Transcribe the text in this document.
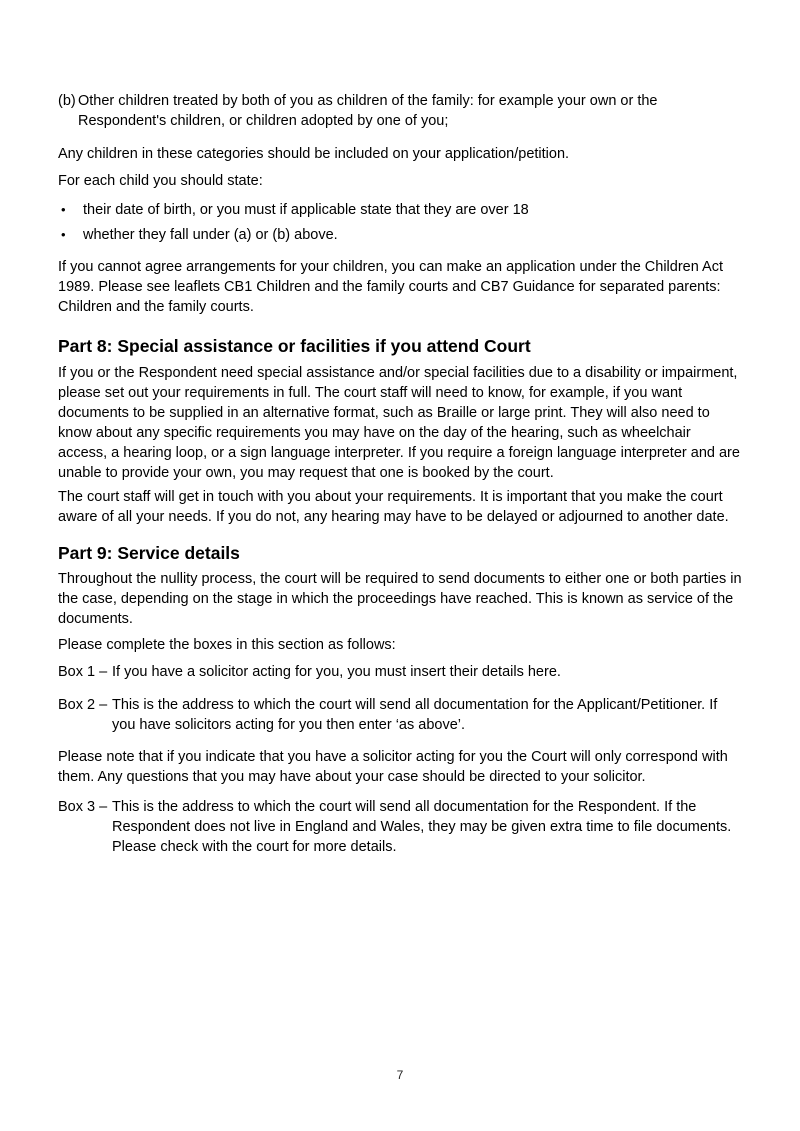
(b) Other children treated by both of you as children of the family: for example your own or the Respondent's children, or children adopted by one of you;

Any children in these categories should be included on your application/petition.

For each child you should state:

•	their date of birth, or you must if applicable state that they are over 18
•	whether they fall under (a) or (b) above.

If you cannot agree arrangements for your children, you can make an application under the Children Act 1989. Please see leaflets CB1 Children and the family courts and CB7 Guidance for separated parents: Children and the family courts.

Part 8: Special assistance or facilities if you attend Court

If you or the Respondent need special assistance and/or special facilities due to a disability or impairment, please set out your requirements in full. The court staff will need to know, for example, if you want documents to be supplied in an alternative format, such as Braille or large print. They will also need to know about any specific requirements you may have on the day of the hearing, such as wheelchair access, a hearing loop, or a sign language interpreter. If you require a foreign language interpreter and are unable to provide your own, you may request that one is booked by the court.

The court staff will get in touch with you about your requirements. It is important that you make the court aware of all your needs. If you do not, any hearing may have to be delayed or adjourned to another date.

Part 9: Service details

Throughout the nullity process, the court will be required to send documents to either one or both parties in the case, depending on the stage in which the proceedings have reached. This is known as service of the documents.

Please complete the boxes in this section as follows:

Box 1 – If you have a solicitor acting for you, you must insert their details here.
Box 2 – This is the address to which the court will send all documentation for the Applicant/Petitioner. If you have solicitors acting for you then enter ‘as above’.

Please note that if you indicate that you have a solicitor acting for you the Court will only correspond with them. Any questions that you may have about your case should be directed to your solicitor.

Box 3 – This is the address to which the court will send all documentation for the Respondent. If the Respondent does not live in England and Wales, they may be given extra time to file documents. Please check with the court for more details.
7
